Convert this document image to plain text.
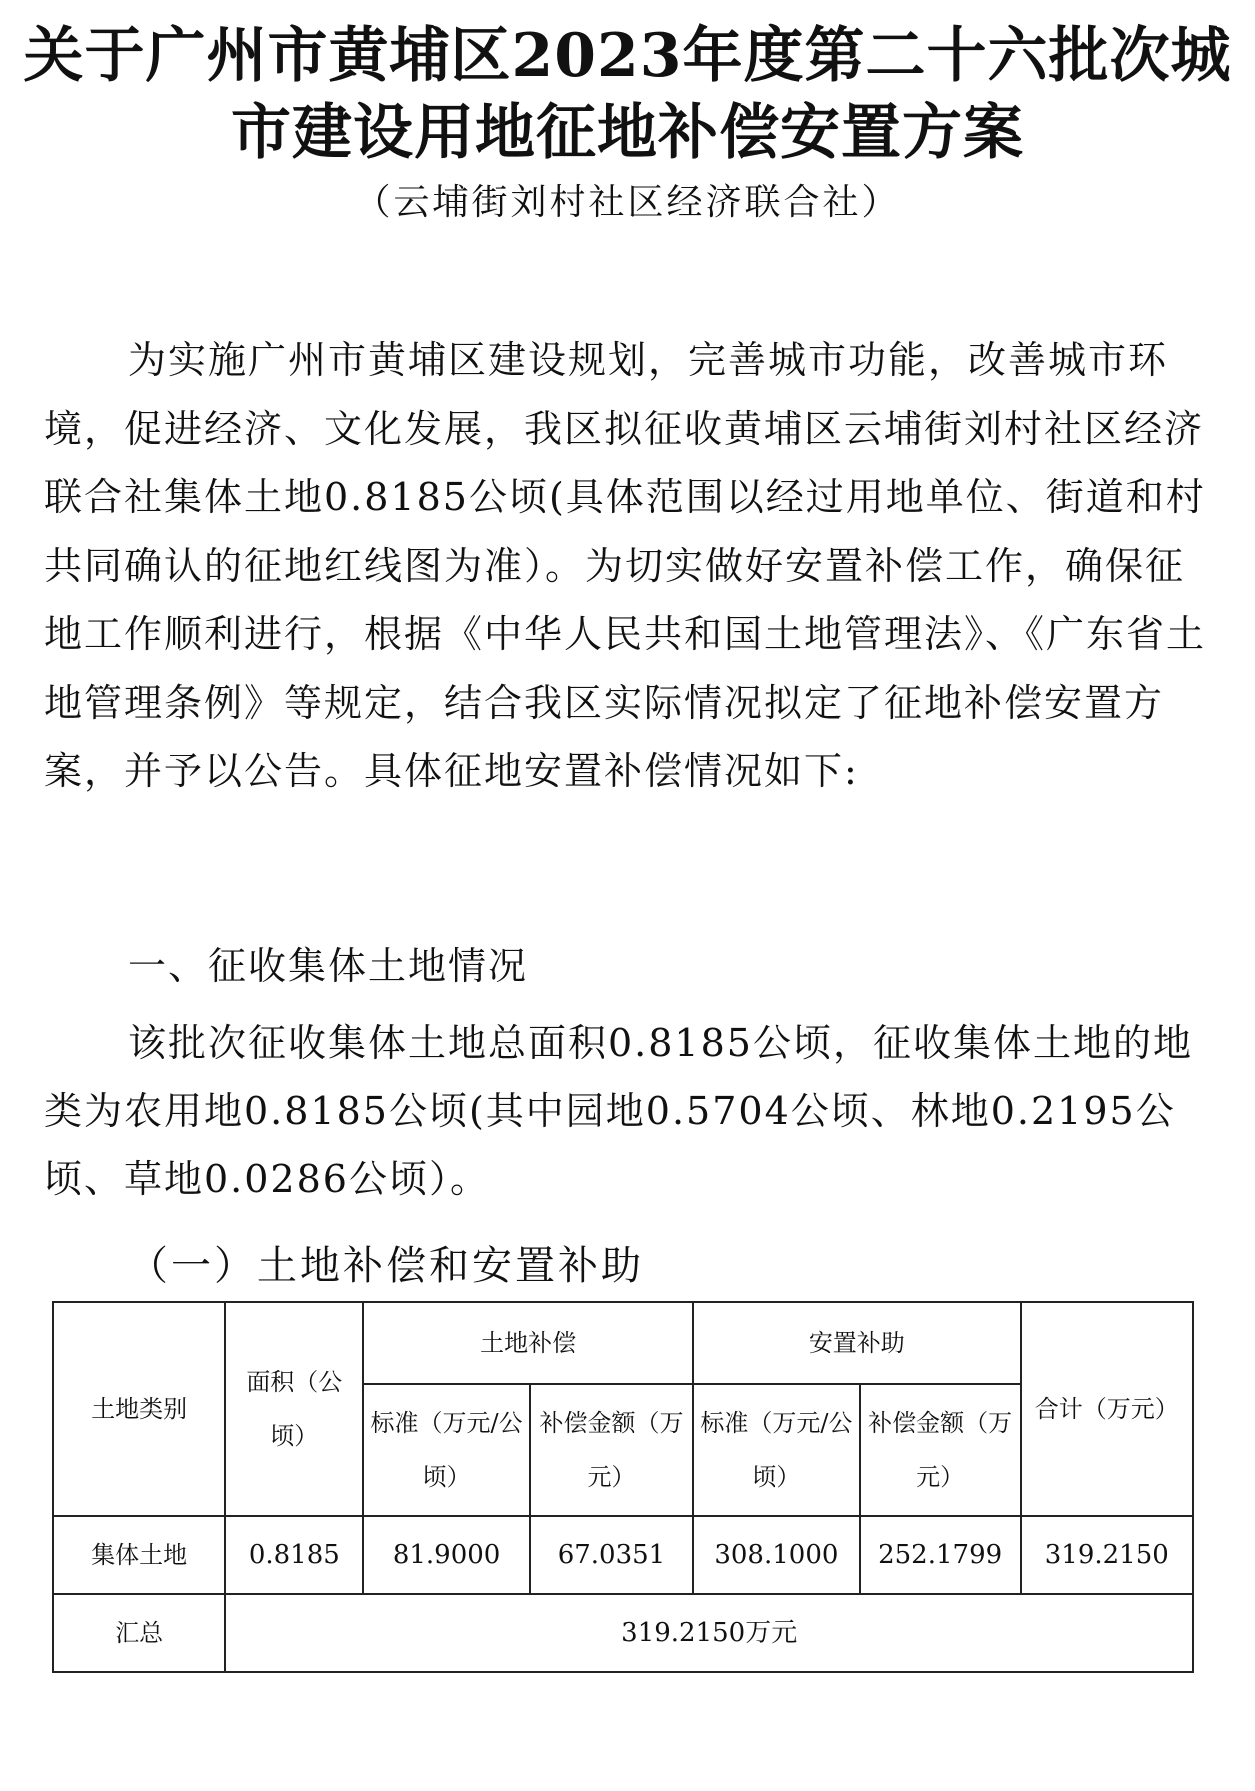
关于广州市黄埔区2023年度第二十六批次城
市建设用地征地补偿安置方案

（云埔街刘村社区经济联合社）

为实施广州市黄埔区建设规划，完善城市功能，改善城市环境，促进经济、文化发展，我区拟征收黄埔区云埔街刘村社区经济联合社集体土地0.8185公顷(具体范围以经过用地单位、街道和村共同确认的征地红线图为准）。为切实做好安置补偿工作，确保征地工作顺利进行，根据《中华人民共和国土地管理法》、《广东省土地管理条例》等规定，结合我区实际情况拟定了征地补偿安置方案，并予以公告。具体征地安置补偿情况如下:

一、征收集体土地情况

该批次征收集体土地总面积0.8185公顷，征收集体土地的地类为农用地0.8185公顷(其中园地0.5704公顷、林地0.2195公顷、草地0.0286公顷）。

（一）土地补偿和安置补助

土地类别	面积（公顷）	土地补偿		安置补助		合计（万元）
		标准（万元/公顷）	补偿金额（万元）	标准（万元/公顷）	补偿金额（万元）	
集体土地	0.8185	81.9000	67.0351	308.1000	252.1799	319.2150
汇总	319.2150万元					
